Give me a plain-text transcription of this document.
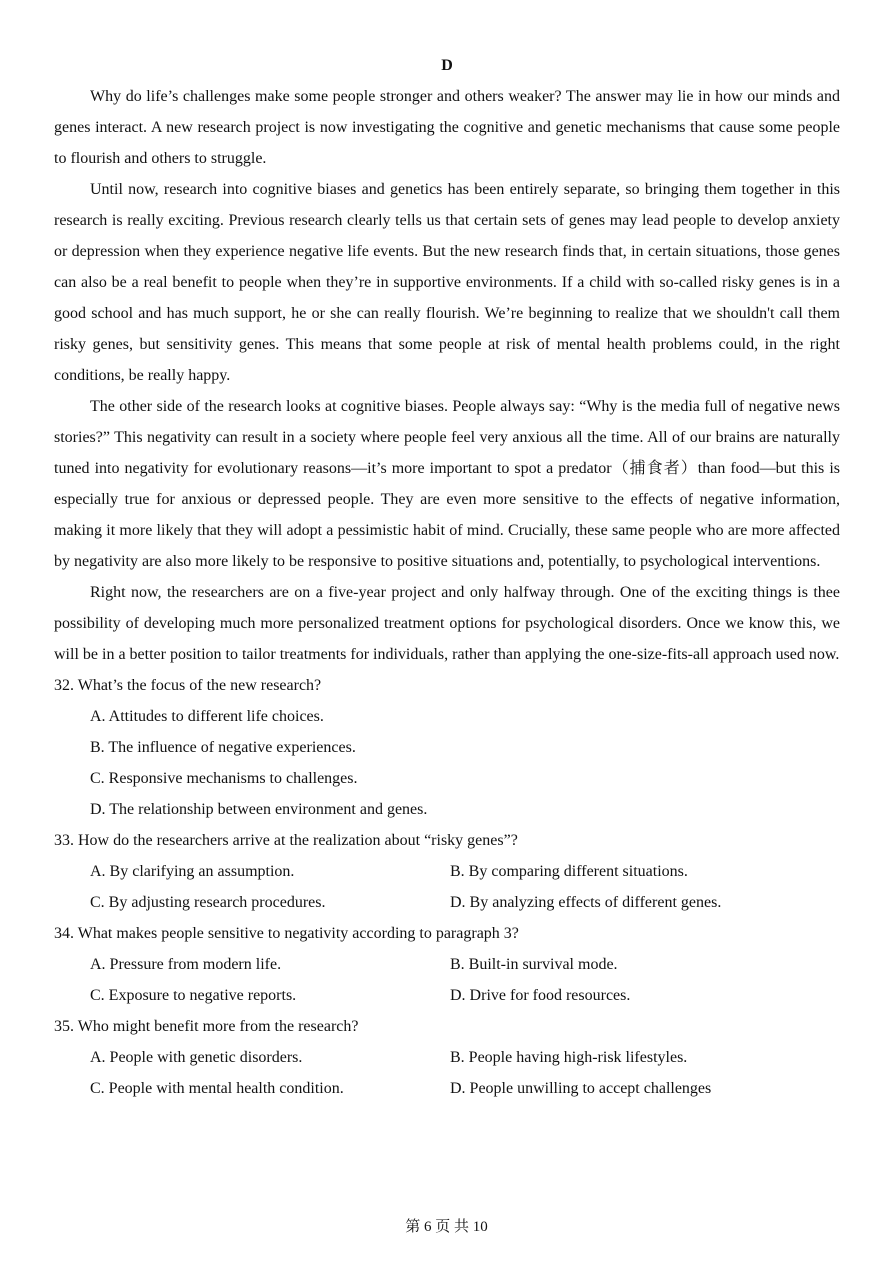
D

Why do life’s challenges make some people stronger and others weaker? The answer may lie in how our minds and genes interact. A new research project is now investigating the cognitive and genetic mechanisms that cause some people to flourish and others to struggle.

Until now, research into cognitive biases and genetics has been entirely separate, so bringing them together in this research is really exciting. Previous research clearly tells us that certain sets of genes may lead people to develop anxiety or depression when they experience negative life events. But the new research finds that, in certain situations, those genes can also be a real benefit to people when they’re in supportive environments. If a child with so-called risky genes is in a good school and has much support, he or she can really flourish. We’re beginning to realize that we shouldn't call them risky genes, but sensitivity genes. This means that some people at risk of mental health problems could, in the right conditions, be really happy.

The other side of the research looks at cognitive biases. People always say: “Why is the media full of negative news stories?” This negativity can result in a society where people feel very anxious all the time. All of our brains are naturally tuned into negativity for evolutionary reasons—it’s more important to spot a predator（捕食者）than food—but this is especially true for anxious or depressed people. They are even more sensitive to the effects of negative information, making it more likely that they will adopt a pessimistic habit of mind. Crucially, these same people who are more affected by negativity are also more likely to be responsive to positive situations and, potentially, to psychological interventions.

Right now, the researchers are on a five-year project and only halfway through. One of the exciting things is thee possibility of developing much more personalized treatment options for psychological disorders. Once we know this, we will be in a better position to tailor treatments for individuals, rather than applying the one-size-fits-all approach used now.

32. What’s the focus of the new research?

A. Attitudes to different life choices.

B. The influence of negative experiences.

C. Responsive mechanisms to challenges.

D. The relationship between environment and genes.

33. How do the researchers arrive at the realization about “risky genes”?

A. By clarifying an assumption.	B. By comparing different situations.
C. By adjusting research procedures.	D. By analyzing effects of different genes.

34. What makes people sensitive to negativity according to paragraph 3?

A. Pressure from modern life.	B. Built-in survival mode.
C. Exposure to negative reports.	D. Drive for food resources.

35. Who might benefit more from the research?

A. People with genetic disorders.	B. People having high-risk lifestyles.
C. People with mental health condition.	D. People unwilling to accept challenges
第 6 页 共 10
